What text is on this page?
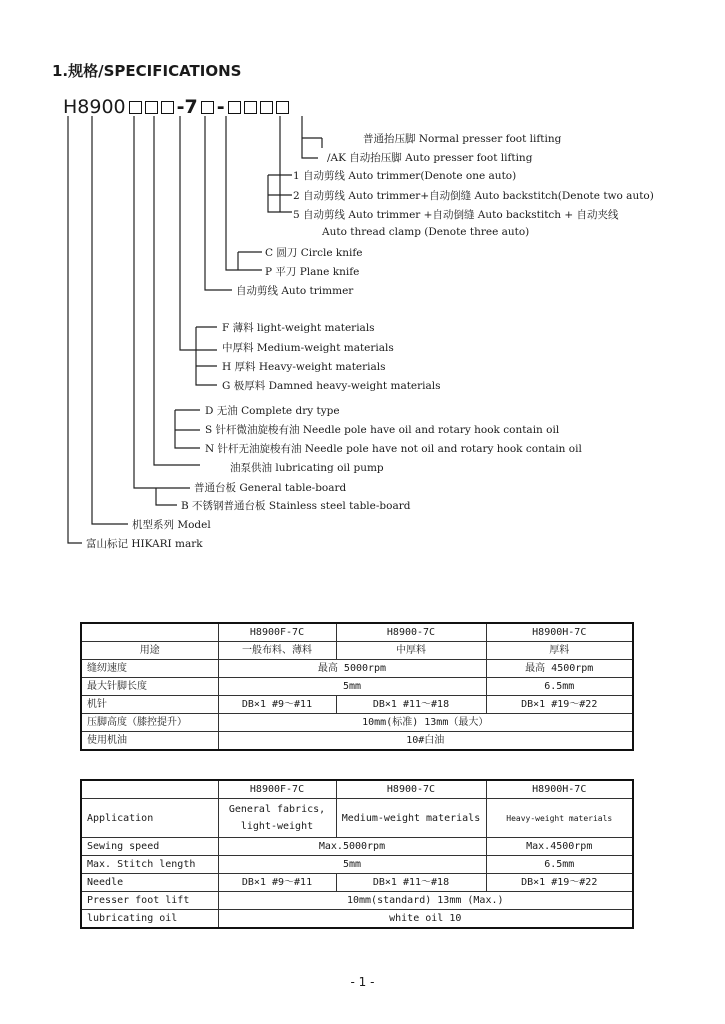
1.规格/SPECIFICATIONS
H8900	-7 -
普通抬压脚 Normal presser foot lifting
/AK 自动抬压脚 Auto presser foot lifting
1 自动剪线 Auto trimmer(Denote one auto)
2 自动剪线 Auto trimmer+自动倒缝 Auto backstitch(Denote two auto)
5 自动剪线 Auto trimmer +自动倒缝 Auto backstitch + 自动夹线
Auto thread clamp (Denote three auto)
C 圆刀 Circle knife
P 平刀 Plane knife
自动剪线 Auto trimmer
F 薄料 light-weight materials
中厚料 Medium-weight materials
H 厚料 Heavy-weight materials
G 极厚料 Damned heavy-weight materials
D 无油 Complete dry type
S 针杆微油旋梭有油 Needle pole have oil and rotary hook contain oil
N 针杆无油旋梭有油 Needle pole have not oil and rotary hook contain oil
油泵供油 lubricating oil pump
普通台板 General table-board
B 不锈钢普通台板 Stainless steel table-board
机型系列 Model
富山标记 HIKARI mark
	H8900F-7C	H8900-7C	H8900H-7C
用途	一般布料、薄料	中厚料	厚料
缝纫速度	最高 5000rpm		最高 4500rpm
最大针脚长度	5mm		6.5mm
机针	DB×1 #9～#11	DB×1 #11～#18	DB×1 #19～#22
压脚高度（膝控提升）	10mm(标准) 13mm（最大）		
使用机油	10#白油		
	H8900F-7C	H8900-7C	H8900H-7C
Application	General fabrics, light-weight	Medium-weight materials	Heavy-weight materials
Sewing speed	Max.5000rpm		Max.4500rpm
Max. Stitch length	5mm		6.5mm
Needle	DB×1 #9～#11	DB×1 #11～#18	DB×1 #19～#22
Presser foot lift	10mm(standard) 13mm (Max.)		
lubricating oil	white oil 10		
- 1 -
